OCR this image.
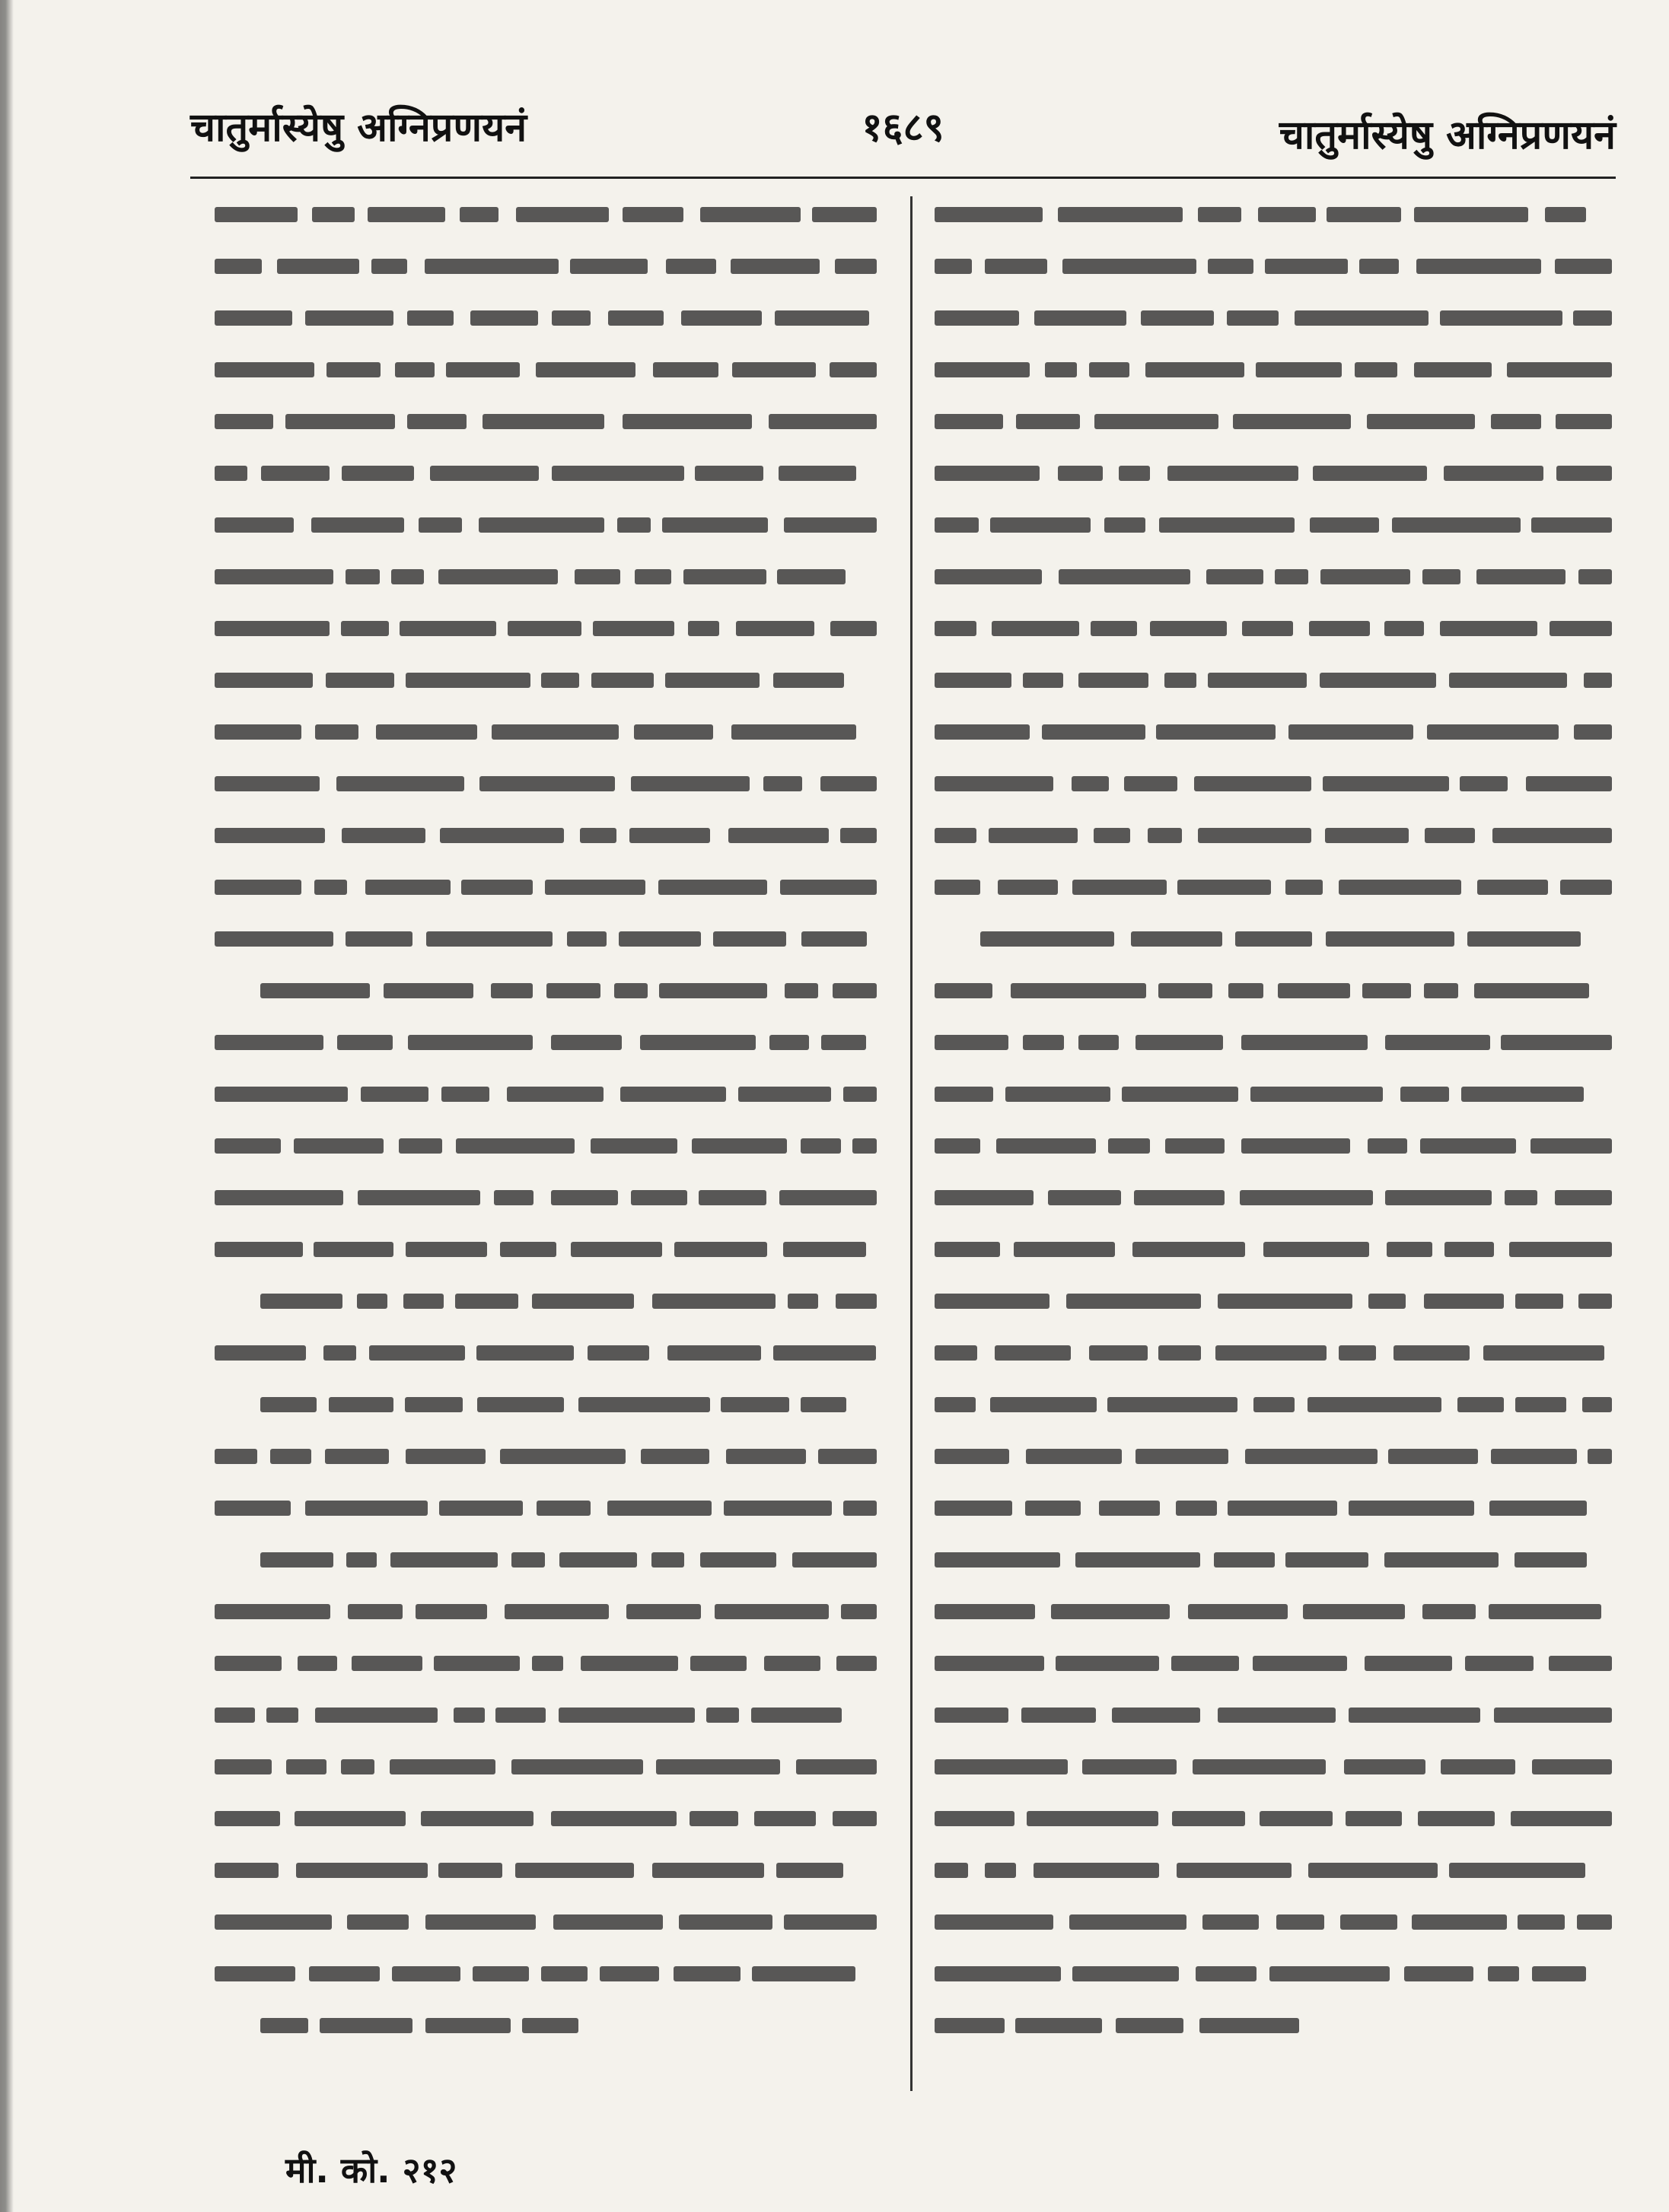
चातुर्मास्येषु अग्निप्रणयनं	१६८९	चातुर्मास्येषु अग्निप्रणयनं
मी. को. २१२
